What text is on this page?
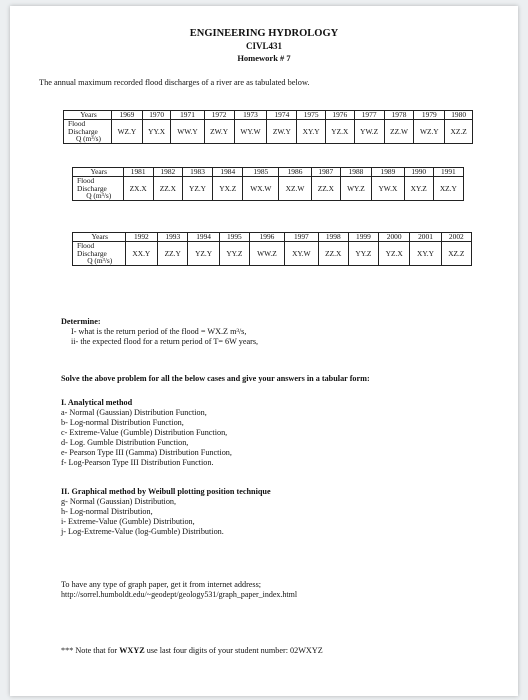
ENGINEERING HYDROLOGY
CIVL431
Homework # 7
The annual maximum recorded flood discharges of a river are as tabulated below.
Years	1969	1970	1971	1972	1973	1974	1975	1976	1977	1978	1979	1980

Flood
Discharge
Q (m³/s)	WZ.Y	YY.X	WW.Y	ZW.Y	WY.W	ZW.Y	XY.Y	YZ.X	YW.Z	ZZ.W	WZ.Y	XZ.Z
Years	1981	1982	1983	1984	1985	1986	1987	1988	1989	1990	1991

Flood
Discharge
Q (m³/s)	ZX.X	ZZ.X	YZ.Y	YX.Z	WX.W	XZ.W	ZZ.X	WY.Z	YW.X	XY.Z	XZ.Y
Years	1992	1993	1994	1995	1996	1997	1998	1999	2000	2001	2002

Flood
Discharge
Q (m³/s)	XX.Y	ZZ.Y	YZ.Y	YY.Z	WW.Z	XY.W	ZZ.X	YY.Z	YZ.X	XY.Y	XZ.Z
Determine:
I- what is the return period of the flood = WX.Z m³/s,
ii- the expected flood for a return period of T= 6W years,
Solve the above problem for all the below cases and give your answers in a tabular form:
I. Analytical method
a- Normal (Gaussian) Distribution Function,
b- Log-normal Distribution Function,
c- Extreme-Value (Gumble) Distribution Function,
d- Log. Gumble Distribution Function,
e- Pearson Type III (Gamma) Distribution Function,
f- Log-Pearson Type III Distribution Function.
II. Graphical method by Weibull plotting position technique
g- Normal (Gaussian) Distribution,
h- Log-normal Distribution,
i- Extreme-Value (Gumble) Distribution,
j- Log-Extreme-Value (log-Gumble) Distribution.
To have any type of graph paper, get it from internet address;
http://sorrel.humboldt.edu/~geodept/geology531/graph_paper_index.html
*** Note that for WXYZ use last four digits of your student number: 02WXYZ
